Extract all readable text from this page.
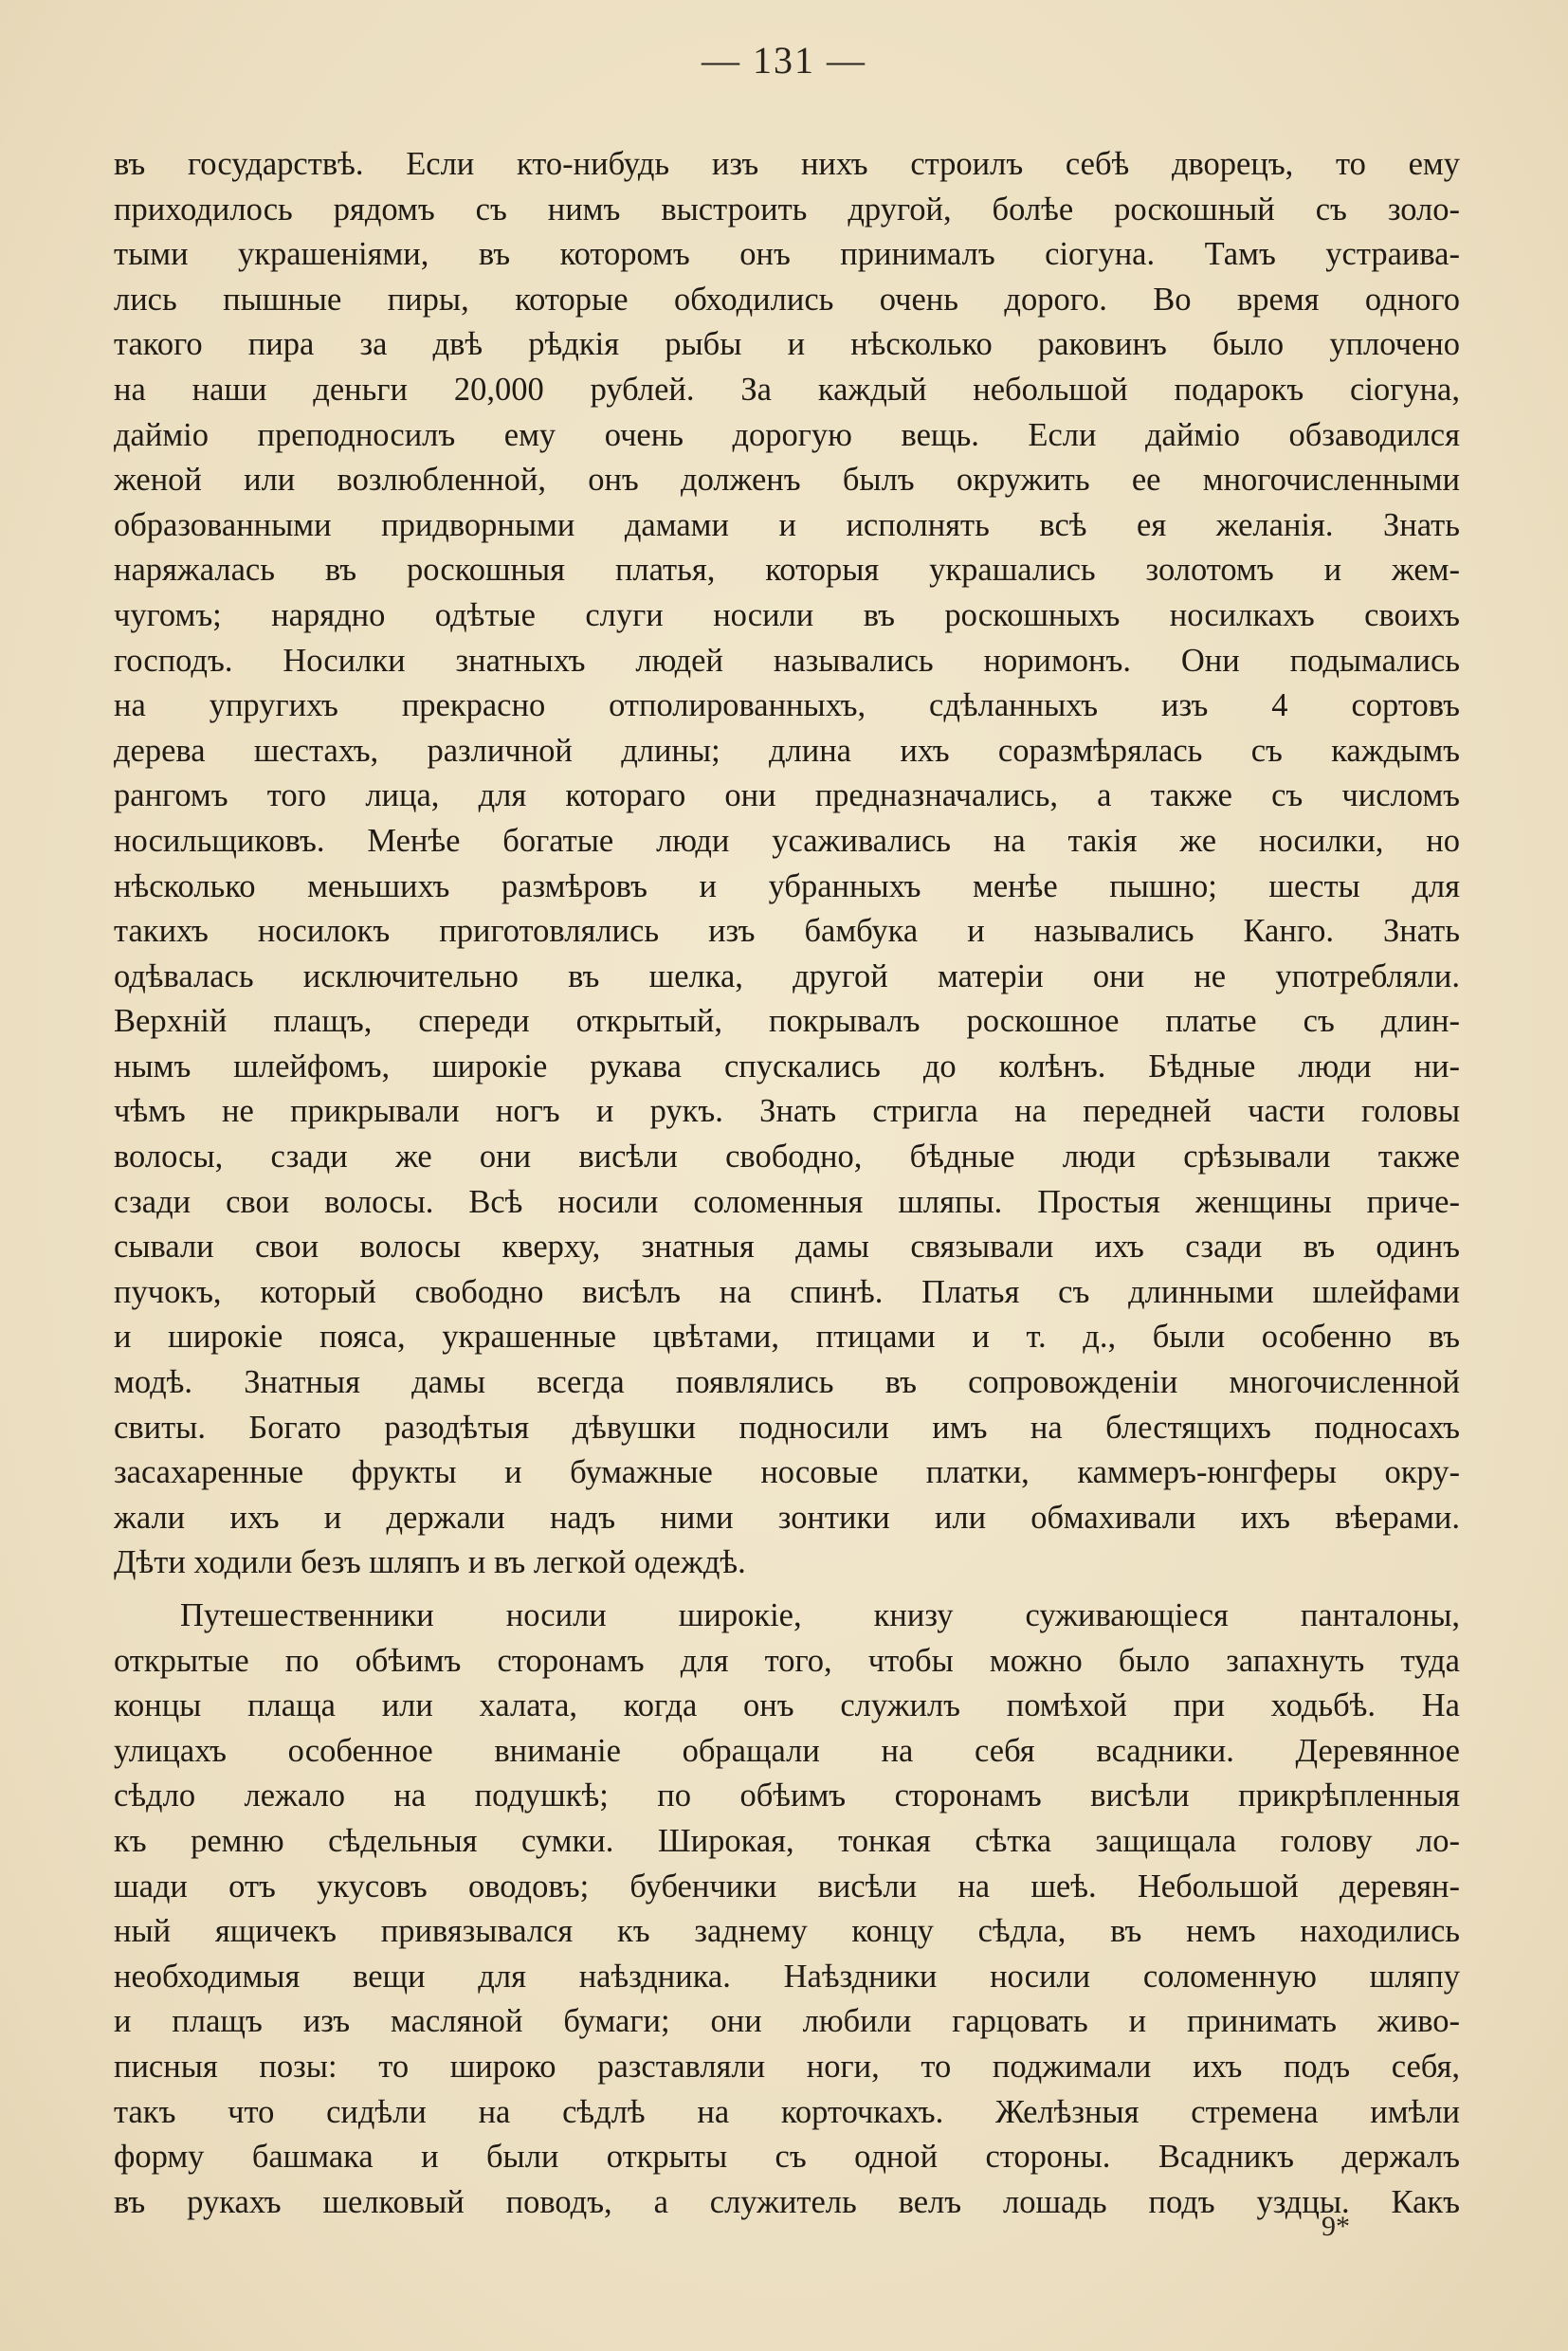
— 131 —

въ государствѣ. Если кто-нибудь изъ нихъ строилъ себѣ дворецъ, то ему

приходилось рядомъ съ нимъ выстроить другой, болѣе роскошный съ золо-

тыми украшеніями, въ которомъ онъ принималъ сіогуна. Тамъ устраива-

лись пышные пиры, которые обходились очень дорого. Во время одного

такого пира за двѣ рѣдкія рыбы и нѣсколько раковинъ было уплочено

на наши деньги 20,000 рублей. За каждый небольшой подарокъ сіогуна,

дайміо преподносилъ ему очень дорогую вещь. Если дайміо обзаводился

женой или возлюбленной, онъ долженъ былъ окружить ее многочисленными

образованными придворными дамами и исполнять всѣ ея желанія. Знать

наряжалась въ роскошныя платья, которыя украшались золотомъ и жем-

чугомъ; нарядно одѣтые слуги носили въ роскошныхъ носилкахъ своихъ

господъ. Носилки знатныхъ людей назывались норимонъ. Они подымались

на упругихъ прекрасно отполированныхъ, сдѣланныхъ изъ 4 сортовъ

дерева шестахъ, различной длины; длина ихъ соразмѣрялась съ каждымъ

рангомъ того лица, для котораго они предназначались, а также съ числомъ

носильщиковъ. Менѣе богатые люди усаживались на такія же носилки, но

нѣсколько меньшихъ размѣровъ и убранныхъ менѣе пышно; шесты для

такихъ носилокъ приготовлялись изъ бамбука и назывались Канго. Знать

одѣвалась исключительно въ шелка, другой матеріи они не употребляли.

Верхній плащъ, спереди открытый, покрывалъ роскошное платье съ длин-

нымъ шлейфомъ, широкіе рукава спускались до колѣнъ. Бѣдные люди ни-

чѣмъ не прикрывали ногъ и рукъ. Знать стригла на передней части головы

волосы, сзади же они висѣли свободно, бѣдные люди срѣзывали также

сзади свои волосы. Всѣ носили соломенныя шляпы. Простыя женщины приче-

сывали свои волосы кверху, знатныя дамы связывали ихъ сзади въ одинъ

пучокъ, который свободно висѣлъ на спинѣ. Платья съ длинными шлейфами

и широкіе пояса, украшенные цвѣтами, птицами и т. д., были особенно въ

модѣ. Знатныя дамы всегда появлялись въ сопровожденіи многочисленной

свиты. Богато разодѣтыя дѣвушки подносили имъ на блестящихъ подносахъ

засахаренные фрукты и бумажные носовые платки, каммеръ-юнгферы окру-

жали ихъ и держали надъ ними зонтики или обмахивали ихъ вѣерами.

Дѣти ходили безъ шляпъ и въ легкой одеждѣ.

Путешественники носили широкіе, книзу суживающіеся панталоны,

открытые по обѣимъ сторонамъ для того, чтобы можно было запахнуть туда

концы плаща или халата, когда онъ служилъ помѣхой при ходьбѣ. На

улицахъ особенное вниманіе обращали на себя всадники. Деревянное

сѣдло лежало на подушкѣ; по обѣимъ сторонамъ висѣли прикрѣпленныя

къ ремню сѣдельныя сумки. Широкая, тонкая сѣтка защищала голову ло-

шади отъ укусовъ оводовъ; бубенчики висѣли на шеѣ. Небольшой деревян-

ный ящичекъ привязывался къ заднему концу сѣдла, въ немъ находились

необходимыя вещи для наѣздника. Наѣздники носили соломенную шляпу

и плащъ изъ масляной бумаги; они любили гарцовать и принимать живо-

писныя позы: то широко разставляли ноги, то поджимали ихъ подъ себя,

такъ что сидѣли на сѣдлѣ на корточкахъ. Желѣзныя стремена имѣли

форму башмака и были открыты съ одной стороны. Всадникъ держалъ

въ рукахъ шелковый поводъ, а служитель велъ лошадь подъ уздцы. Какъ

9*
